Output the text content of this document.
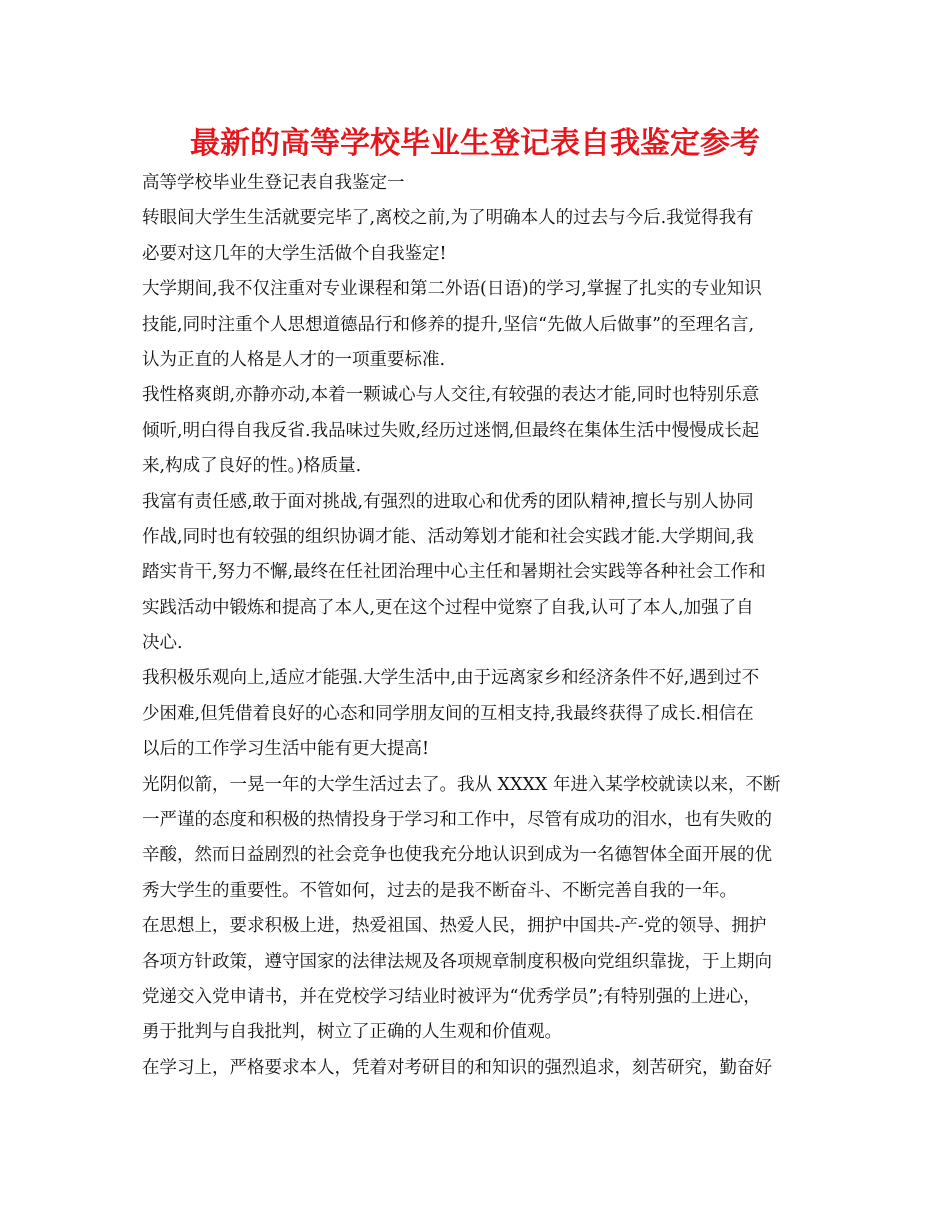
最新的高等学校毕业生登记表自我鉴定参考
高等学校毕业生登记表自我鉴定一
转眼间大学生生活就要完毕了,离校之前,为了明确本人的过去与今后.我觉得我有
必要对这几年的大学生活做个自我鉴定!
大学期间,我不仅注重对专业课程和第二外语(日语)的学习,掌握了扎实的专业知识
技能,同时注重个人思想道德品行和修养的提升,坚信“先做人后做事”的至理名言,
认为正直的人格是人才的一项重要标准.
我性格爽朗,亦静亦动,本着一颗诚心与人交往,有较强的表达才能,同时也特别乐意
倾听,明白得自我反省.我品味过失败,经历过迷惘,但最终在集体生活中慢慢成长起
来,构成了良好的性。)格质量.
我富有责任感,敢于面对挑战,有强烈的进取心和优秀的团队精神,擅长与别人协同
作战,同时也有较强的组织协调才能、活动筹划才能和社会实践才能.大学期间,我
踏实肯干,努力不懈,最终在任社团治理中心主任和暑期社会实践等各种社会工作和
实践活动中锻炼和提高了本人,更在这个过程中觉察了自我,认可了本人,加强了自
决心.
我积极乐观向上,适应才能强.大学生活中,由于远离家乡和经济条件不好,遇到过不
少困难,但凭借着良好的心态和同学朋友间的互相支持,我最终获得了成长.相信在
以后的工作学习生活中能有更大提高!
光阴似箭，一晃一年的大学生活过去了。我从 XXXX 年进入某学校就读以来，不断
一严谨的态度和积极的热情投身于学习和工作中，尽管有成功的泪水，也有失败的
辛酸，然而日益剧烈的社会竞争也使我充分地认识到成为一名德智体全面开展的优
秀大学生的重要性。不管如何，过去的是我不断奋斗、不断完善自我的一年。
在思想上，要求积极上进，热爱祖国、热爱人民，拥护中国共-产-党的领导、拥护
各项方针政策，遵守国家的法律法规及各项规章制度积极向党组织靠拢，于上期向
党递交入党申请书，并在党校学习结业时被评为“优秀学员”;有特别强的上进心，
勇于批判与自我批判，树立了正确的人生观和价值观。
在学习上，严格要求本人，凭着对考研目的和知识的强烈追求，刻苦研究，勤奋好
